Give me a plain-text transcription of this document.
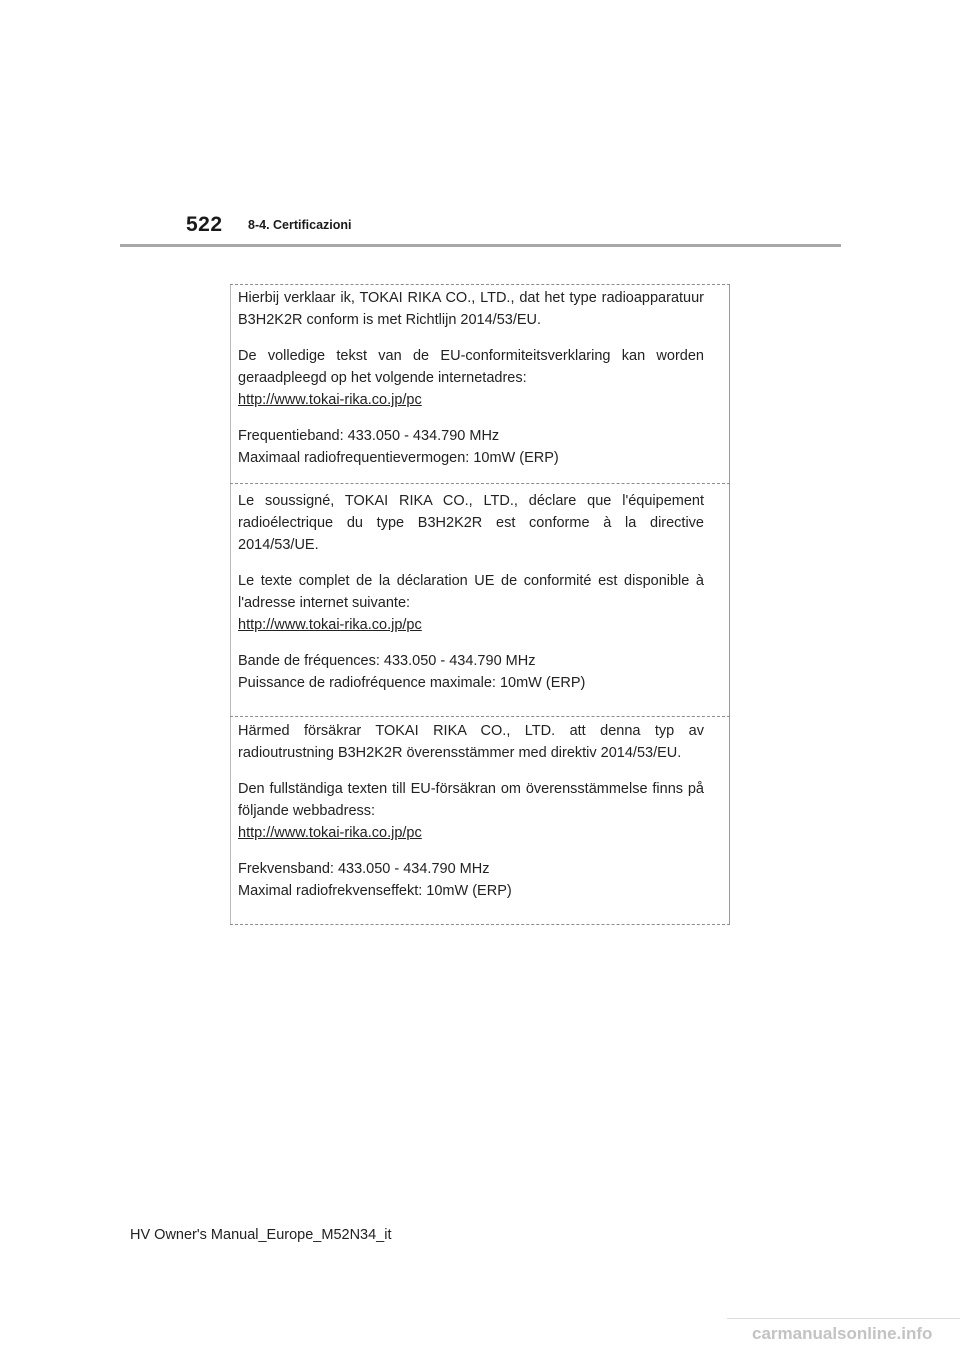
522 8-4. Certificazioni

Hierbij verklaar ik, TOKAI RIKA CO., LTD., dat het type radioapparatuur B3H2K2R conform is met Richtlijn 2014/53/EU.

De volledige tekst van de EU-conformiteitsverklaring kan worden geraadpleegd op het volgende internetadres:

http://www.tokai-rika.co.jp/pc

Frequentieband: 433.050 - 434.790 MHz
Maximaal radiofrequentievermogen: 10mW (ERP)

Le soussigné, TOKAI RIKA CO., LTD., déclare que l'équipement radioélectrique du type B3H2K2R est conforme à la directive 2014/53/UE.

Le texte complet de la déclaration UE de conformité est disponible à l'adresse internet suivante:

http://www.tokai-rika.co.jp/pc

Bande de fréquences: 433.050 - 434.790 MHz
Puissance de radiofréquence maximale: 10mW (ERP)

Härmed försäkrar TOKAI RIKA CO., LTD. att denna typ av radioutrustning B3H2K2R överensstämmer med direktiv 2014/53/EU.

Den fullständiga texten till EU-försäkran om överensstämmelse finns på följande webbadress:

http://www.tokai-rika.co.jp/pc

Frekvensband: 433.050 - 434.790 MHz
Maximal radiofrekvenseffekt: 10mW (ERP)
HV Owner's Manual_Europe_M52N34_it
carmanualsonline.info
